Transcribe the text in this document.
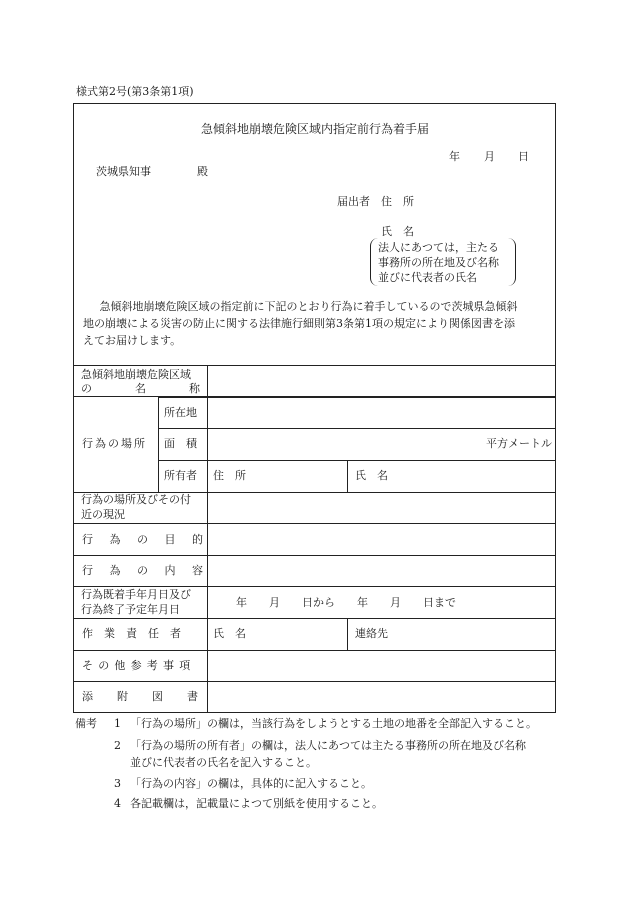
様式第2号(第3条第1項)
急傾斜地崩壊危険区域内指定前行為着手届
年 月 日
茨城県知事	殿
届出者 住　所
氏　名
法人にあつては，主たる
事務所の所在地及び名称
並びに代表者の氏名
急傾斜地崩壊危険区域の指定前に下記のとおり行為に着手しているので茨城県急傾斜
地の崩壊による災害の防止に関する法律施行細則第3条第1項の規定により関係図書を添
えてお届けします。
急傾斜地崩壊危険区域
の	名	称
行為の場所
所在地
面　積	平方メートル
所有者 住　所	氏　名
行為の場所及びその付
近の現況
行為の目的
行為の内容
行為既着手年月日及び
行為終了予定年月日
年　　月　　日から　　年　　月　　日まで
作業責任者 氏　名	連絡先
その他参考事項
添附図書
備考 1 「行為の場所」の欄は，当該行為をしようとする土地の地番を全部記入すること。
2 「行為の場所の所有者」の欄は，法人にあつては主たる事務所の所在地及び名称
並びに代表者の氏名を記入すること。
3 「行為の内容」の欄は，具体的に記入すること。
4 各記載欄は，記載量によつて別紙を使用すること。
